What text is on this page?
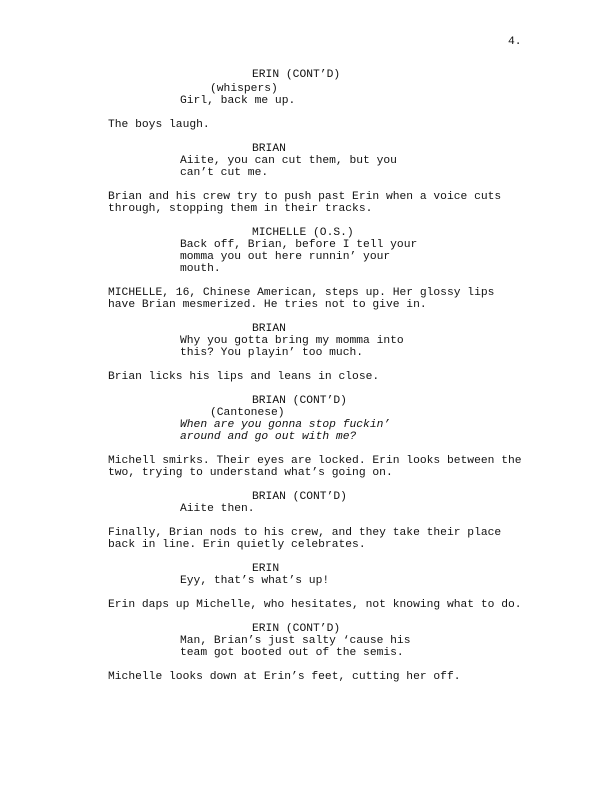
4.
ERIN (CONT’D)
(whispers)
Girl, back me up.
The boys laugh.
BRIAN
Aiite, you can cut them, but you
can’t cut me.
Brian and his crew try to push past Erin when a voice cuts
through, stopping them in their tracks.
MICHELLE (O.S.)
Back off, Brian, before I tell your
momma you out here runnin’ your
mouth.
MICHELLE, 16, Chinese American, steps up. Her glossy lips
have Brian mesmerized. He tries not to give in.
BRIAN
Why you gotta bring my momma into
this? You playin’ too much.
Brian licks his lips and leans in close.
BRIAN (CONT’D)
(Cantonese)
When are you gonna stop fuckin’
around and go out with me?
Michell smirks. Their eyes are locked. Erin looks between the
two, trying to understand what’s going on.
BRIAN (CONT’D)
Aiite then.
Finally, Brian nods to his crew, and they take their place
back in line. Erin quietly celebrates.
ERIN
Eyy, that’s what’s up!
Erin daps up Michelle, who hesitates, not knowing what to do.
ERIN (CONT’D)
Man, Brian’s just salty ‘cause his
team got booted out of the semis.
Michelle looks down at Erin’s feet, cutting her off.
